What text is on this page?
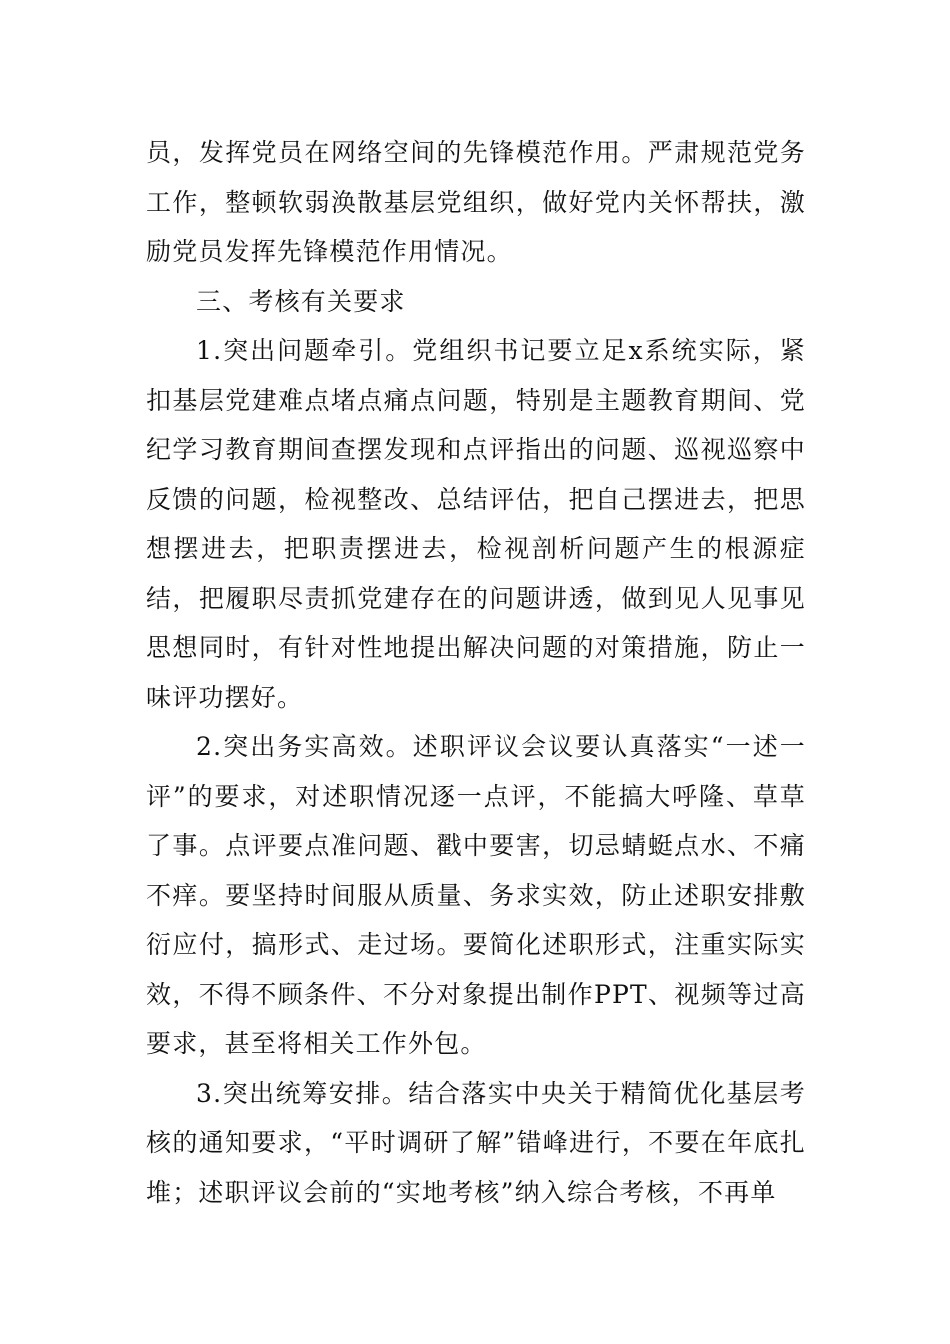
员，发挥党员在网络空间的先锋模范作用。严肃规范党务工作，整顿软弱涣散基层党组织，做好党内关怀帮扶，激励党员发挥先锋模范作用情况。

三、考核有关要求

1.突出问题牵引。党组织书记要立足x系统实际，紧扣基层党建难点堵点痛点问题，特别是主题教育期间、党纪学习教育期间查摆发现和点评指出的问题、巡视巡察中反馈的问题，检视整改、总结评估，把自己摆进去，把思想摆进去，把职责摆进去，检视剖析问题产生的根源症结，把履职尽责抓党建存在的问题讲透，做到见人见事见思想同时，有针对性地提出解决问题的对策措施，防止一味评功摆好。

2.突出务实高效。述职评议会议要认真落实“一述一评”的要求，对述职情况逐一点评，不能搞大呼隆、草草了事。点评要点准问题、戳中要害，切忌蜻蜓点水、不痛不痒。要坚持时间服从质量、务求实效，防止述职安排敷衍应付，搞形式、走过场。要简化述职形式，注重实际实效，不得不顾条件、不分对象提出制作PPT、视频等过高要求，甚至将相关工作外包。

3.突出统筹安排。结合落实中央关于精简优化基层考核的通知要求，“平时调研了解”错峰进行，不要在年底扎堆；述职评议会前的“实地考核”纳入综合考核，不再单
